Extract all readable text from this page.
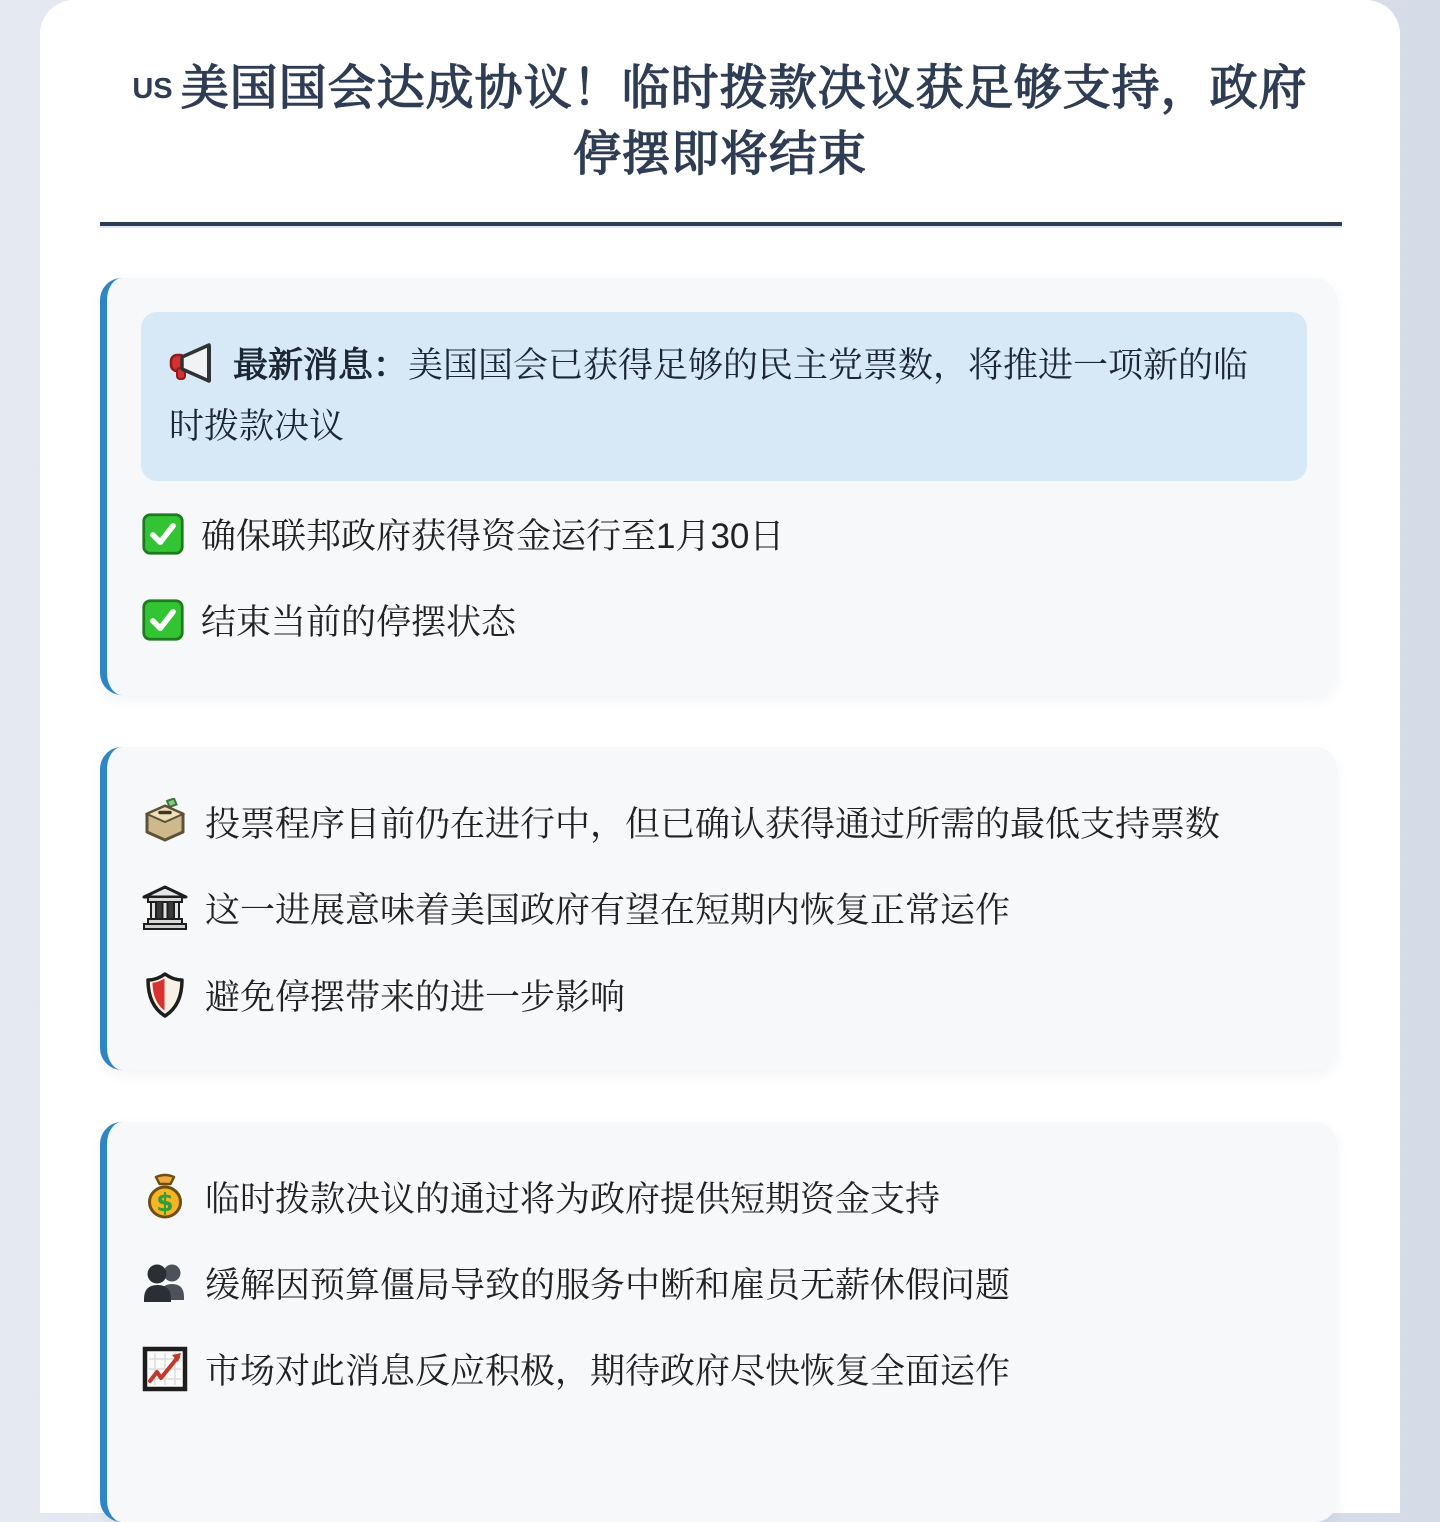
US 美国国会达成协议！临时拨款决议获足够支持，政府停摆即将结束
最新消息：美国国会已获得足够的民主党票数，将推进一项新的临时拨款决议

确保联邦政府获得资金运行至1月30日

结束当前的停摆状态

投票程序目前仍在进行中，但已确认获得通过所需的最低支持票数

这一进展意味着美国政府有望在短期内恢复正常运作

避免停摆带来的进一步影响

$ 临时拨款决议的通过将为政府提供短期资金支持

缓解因预算僵局导致的服务中断和雇员无薪休假问题

市场对此消息反应积极，期待政府尽快恢复全面运作
